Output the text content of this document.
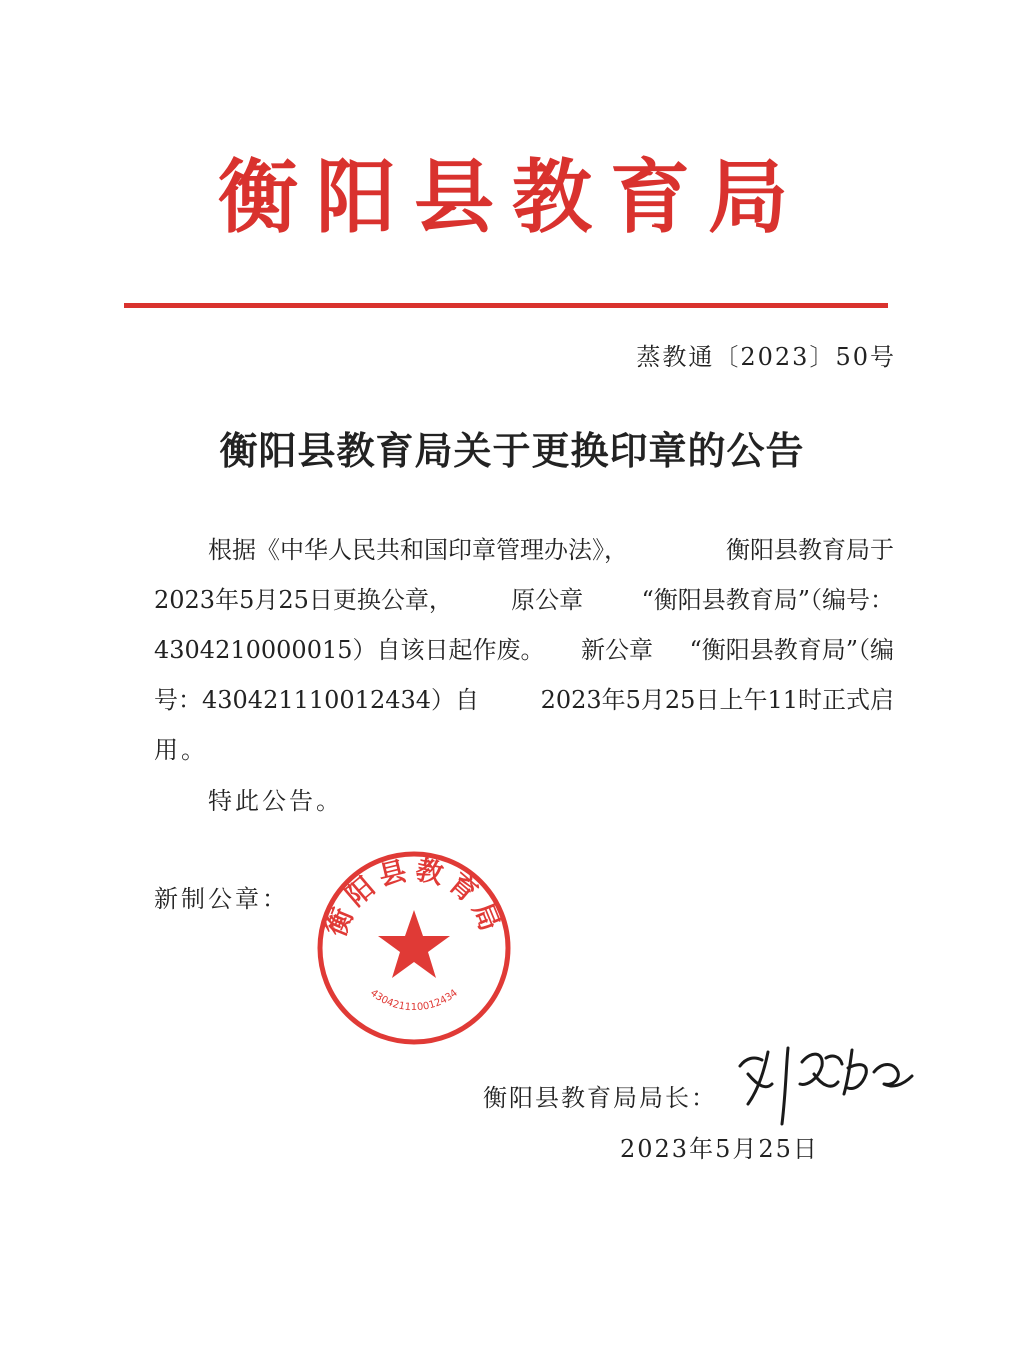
衡阳县教育局
蒸教通〔2023〕50号
衡阳县教育局关于更换印章的公告
根据《中华人民共和国印章管理办法》，	衡阳县教育局于
2023年5月25日更换公章， 原公章 “衡阳县教育局”（编号：
4304210000015）自该日起作废。 新公章 “衡阳县教育局”（编
号：430421110012434）自	2023年5月25日上午11时正式启
用。
特此公告。
新制公章： 衡阳县教育局
430421110012434
衡阳县教育局局长：
2023年5月25日
